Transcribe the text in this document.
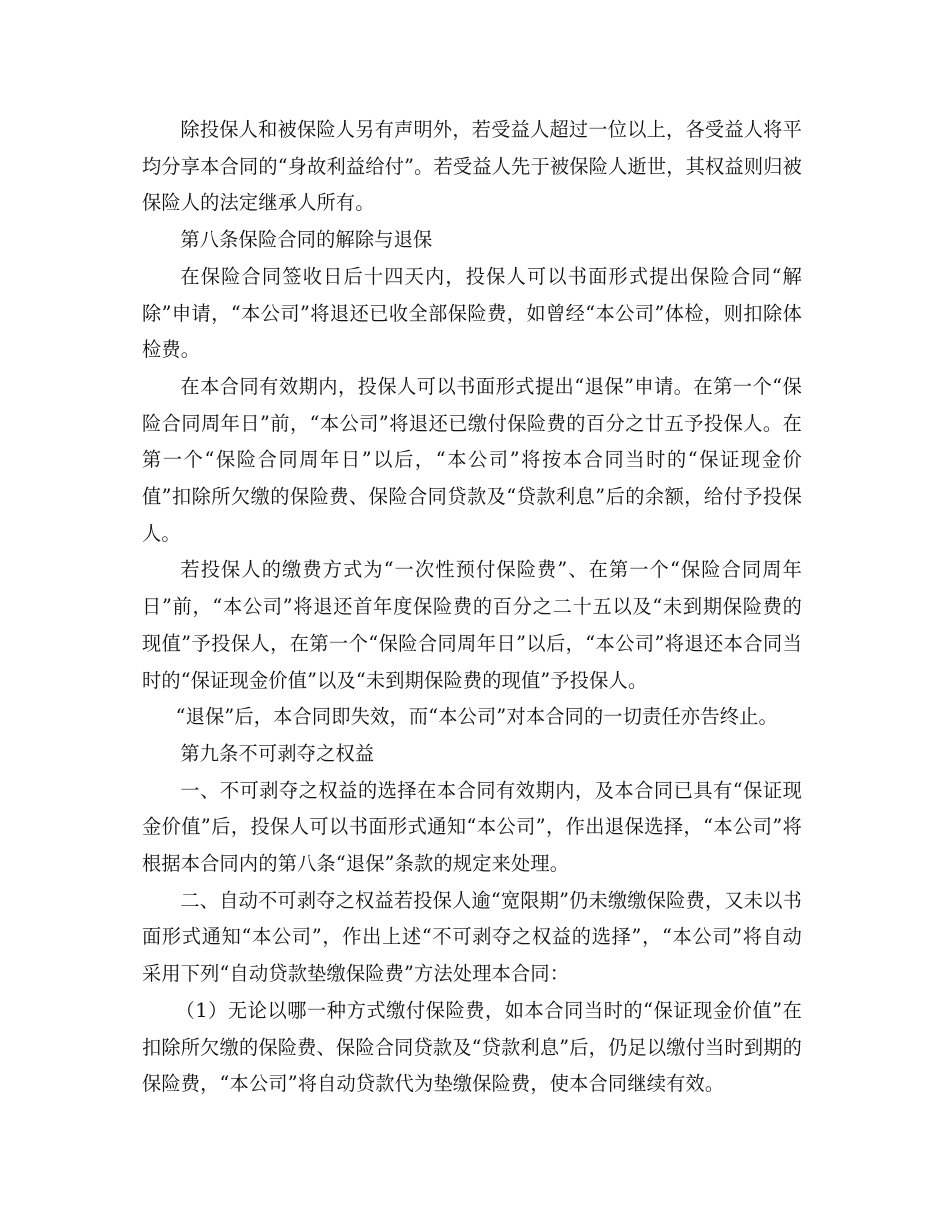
除投保人和被保险人另有声明外，若受益人超过一位以上，各受益人将平均分享本合同的“身故利益给付”。若受益人先于被保险人逝世，其权益则归被保险人的法定继承人所有。

第八条保险合同的解除与退保

在保险合同签收日后十四天内，投保人可以书面形式提出保险合同“解除”申请，“本公司”将退还已收全部保险费，如曾经“本公司”体检，则扣除体检费。

在本合同有效期内，投保人可以书面形式提出“退保”申请。在第一个“保险合同周年日”前，“本公司”将退还已缴付保险费的百分之廿五予投保人。在第一个“保险合同周年日”以后，“本公司”将按本合同当时的“保证现金价值”扣除所欠缴的保险费、保险合同贷款及“贷款利息”后的余额，给付予投保人。

若投保人的缴费方式为“一次性预付保险费”、在第一个“保险合同周年日”前，“本公司”将退还首年度保险费的百分之二十五以及“未到期保险费的现值”予投保人，在第一个“保险合同周年日”以后，“本公司”将退还本合同当时的“保证现金价值”以及“未到期保险费的现值”予投保人。

“退保”后，本合同即失效，而“本公司”对本合同的一切责任亦告终止。

第九条不可剥夺之权益

一、不可剥夺之权益的选择在本合同有效期内，及本合同已具有“保证现金价值”后，投保人可以书面形式通知“本公司”，作出退保选择，“本公司”将根据本合同内的第八条“退保”条款的规定来处理。

二、自动不可剥夺之权益若投保人逾“宽限期”仍未缴缴保险费，又未以书面形式通知“本公司”，作出上述“不可剥夺之权益的选择”，“本公司”将自动采用下列“自动贷款垫缴保险费”方法处理本合同：

（1）无论以哪一种方式缴付保险费，如本合同当时的“保证现金价值”在扣除所欠缴的保险费、保险合同贷款及“贷款利息”后，仍足以缴付当时到期的保险费，“本公司”将自动贷款代为垫缴保险费，使本合同继续有效。
